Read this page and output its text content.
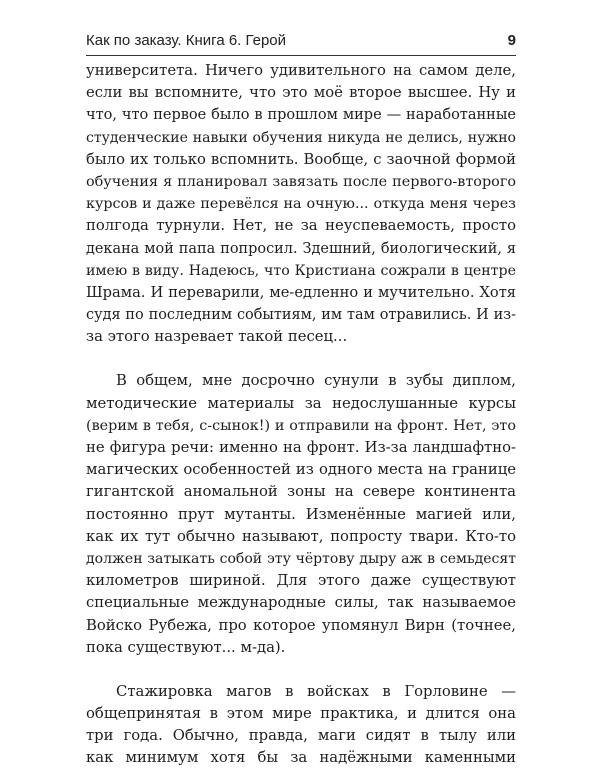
Как по заказу. Книга 6. Герой	9
университета. Ничего удивительного на самом деле,
если вы вспомните, что это моё второе высшее. Ну и
что, что первое было в прошлом мире — наработанные
студенческие навыки обучения никуда не делись, нужно
было их только вспомнить. Вообще, с заочной формой
обучения я планировал завязать после первого-второго
курсов и даже перевёлся на очную... откуда меня через
полгода турнули. Нет, не за неуспеваемость, просто
декана мой папа попросил. Здешний, биологический, я
имею в виду. Надеюсь, что Кристиана сожрали в центре
Шрама. И переварили, ме-едленно и мучительно. Хотя
судя по последним событиям, им там отравились. И из-
за этого назревает такой песец...
В общем, мне досрочно сунули в зубы диплом,
методические материалы за недослушанные курсы
(верим в тебя, с-сынок!) и отправили на фронт. Нет, это
не фигура речи: именно на фронт. Из-за ландшафтно-
магических особенностей из одного места на границе
гигантской аномальной зоны на севере континента
постоянно прут мутанты. Изменённые магией или,
как их тут обычно называют, попросту твари. Кто-то
должен затыкать собой эту чёртову дыру аж в семьдесят
километров шириной. Для этого даже существуют
специальные международные силы, так называемое
Войско Рубежа, про которое упомянул Вирн (точнее,
пока существуют... м-да).
Стажировка магов в войсках в Горловине —
общепринятая в этом мире практика, и длится она
три года. Обычно, правда, маги сидят в тылу или
как минимум хотя бы за надёжными каменными
